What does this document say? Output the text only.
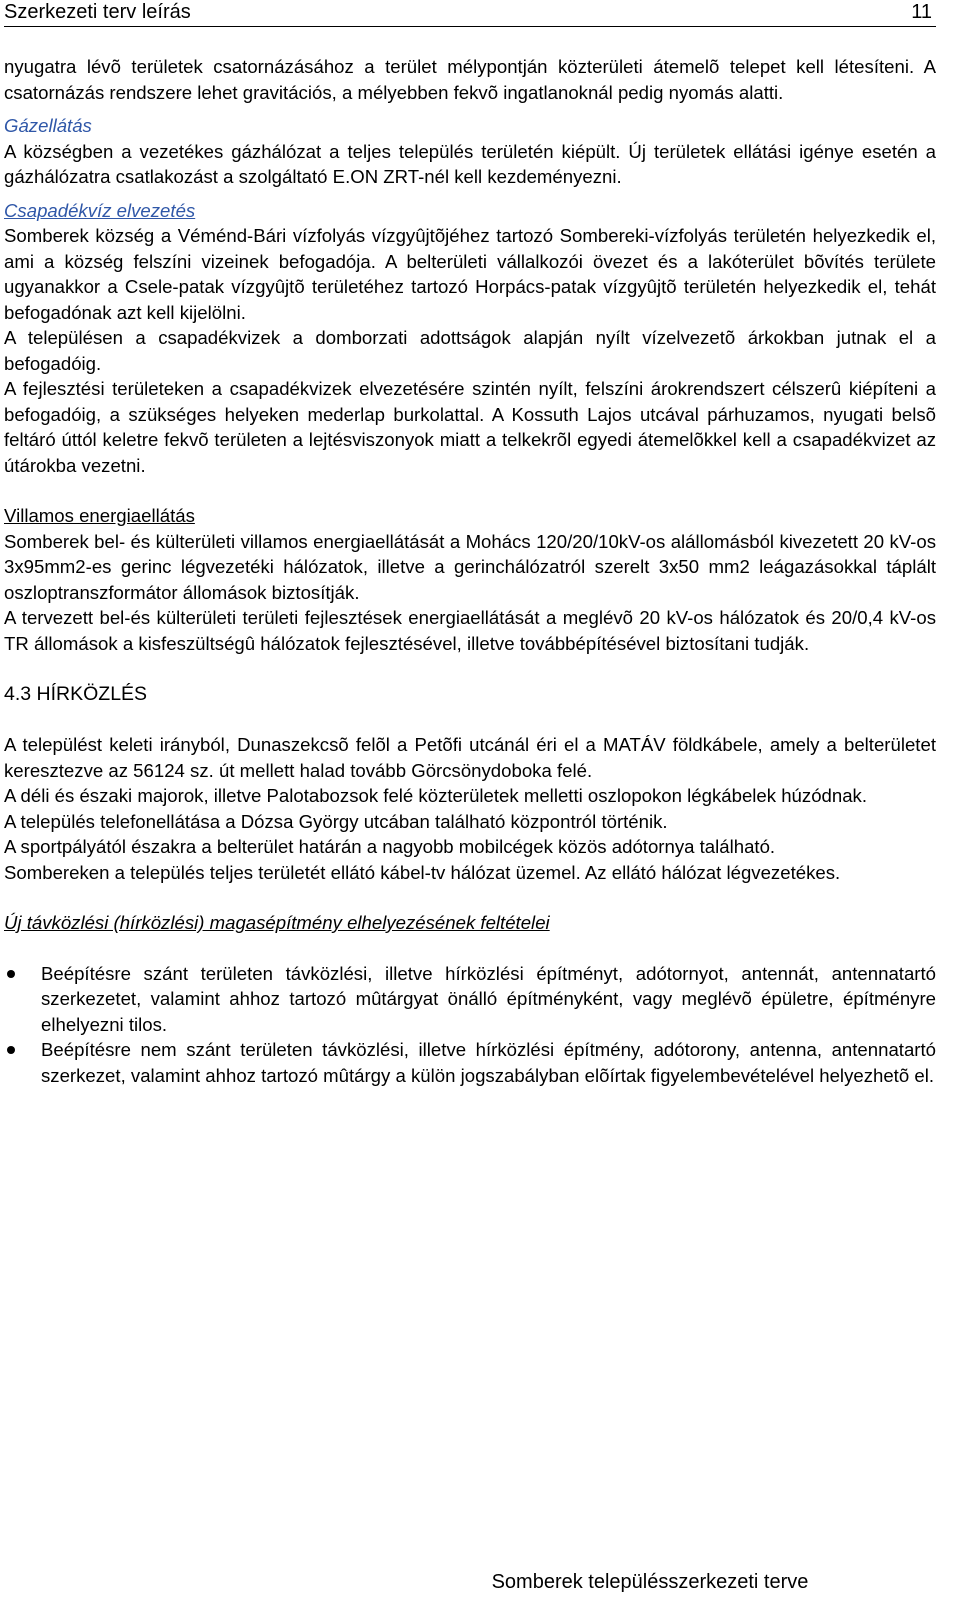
Szerkezeti terv leírás	11

nyugatra lévõ területek csatornázásához a terület mélypontján közterületi átemelõ telepet kell létesíteni. A csatornázás rendszere lehet gravitációs, a mélyebben fekvõ ingatlanoknál pedig nyomás alatti.

Gázellátás

A községben a vezetékes gázhálózat a teljes település területén kiépült. Új területek ellátási igénye esetén a gázhálózatra csatlakozást a szolgáltató E.ON ZRT-nél kell kezdeményezni.

Csapadékvíz elvezetés

Somberek község a Véménd-Bári vízfolyás vízgyûjtõjéhez tartozó Sombereki-vízfolyás területén helyezkedik el, ami a község felszíni vizeinek befogadója. A belterületi vállalkozói övezet és a lakóterület bõvítés területe ugyanakkor a Csele-patak vízgyûjtõ területéhez tartozó Horpács-patak vízgyûjtõ területén helyezkedik el, tehát befogadónak azt kell kijelölni.

A településen a csapadékvizek a domborzati adottságok alapján nyílt vízelvezetõ árkokban jutnak el a befogadóig.

A fejlesztési területeken a csapadékvizek elvezetésére szintén nyílt, felszíni árokrendszert célszerû kiépíteni a befogadóig, a szükséges helyeken mederlap burkolattal. A Kossuth Lajos utcával párhuzamos, nyugati belsõ feltáró úttól keletre fekvõ területen a lejtésviszonyok miatt a telkekrõl egyedi átemelõkkel kell a csapadékvizet az útárokba vezetni.

Villamos energiaellátás

Somberek bel- és külterületi villamos energiaellátását a Mohács 120/20/10kV-os alállomásból kivezetett 20 kV-os 3x95mm2-es gerinc légvezetéki hálózatok, illetve a gerinchálózatról szerelt 3x50 mm2 leágazásokkal táplált oszloptranszformátor állomások biztosítják.

A tervezett bel-és külterületi területi fejlesztések energiaellátását a meglévõ 20 kV-os hálózatok és 20/0,4 kV-os TR állomások a kisfeszültségû hálózatok fejlesztésével, illetve továbbépítésével biztosítani tudják.

4.3 HÍRKÖZLÉS

A települést keleti irányból, Dunaszekcsõ felõl a Petõfi utcánál éri el a MATÁV földkábele, amely a belterületet keresztezve az 56124 sz. út mellett halad tovább Görcsönydoboka felé.

A déli és északi majorok, illetve Palotabozsok felé közterületek melletti oszlopokon légkábelek húzódnak.

A település telefonellátása a Dózsa György utcában található központról történik.

A sportpályától északra a belterület határán a nagyobb mobilcégek közös adótornya található.

Sombereken a település teljes területét ellátó kábel-tv hálózat üzemel. Az ellátó hálózat légvezetékes.

Új távközlési (hírközlési) magasépítmény elhelyezésének feltételei

Beépítésre szánt területen távközlési, illetve hírközlési építményt, adótornyot, antennát, antennatartó szerkezetet, valamint ahhoz tartozó mûtárgyat önálló építményként, vagy meglévõ épületre, építményre elhelyezni tilos.
Beépítésre nem szánt területen távközlési, illetve hírközlési építmény, adótorony, antenna, antennatartó szerkezet, valamint ahhoz tartozó mûtárgy a külön jogszabályban elõírtak figyelembevételével helyezhetõ el.
Somberek településszerkezeti terve
